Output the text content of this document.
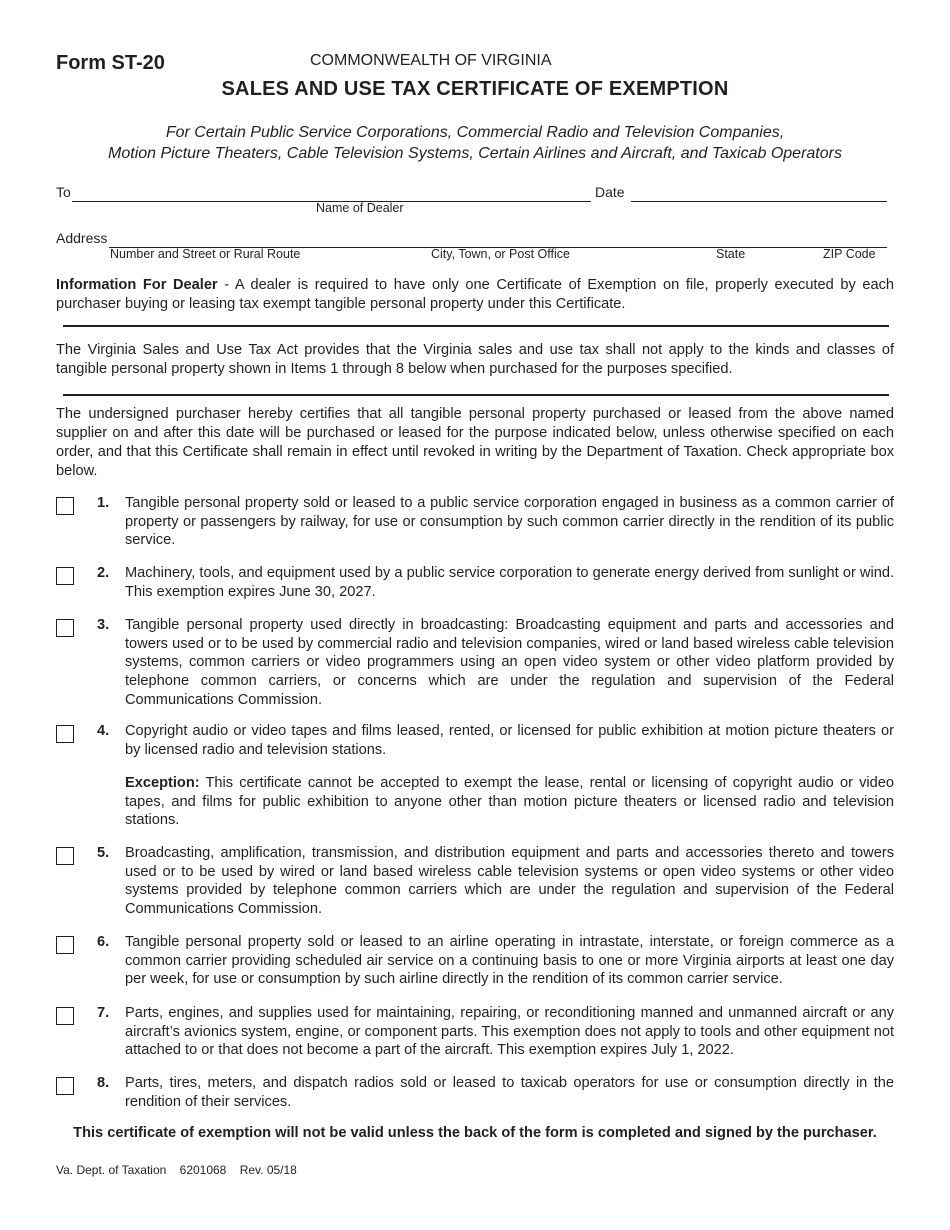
Form ST-20	COMMONWEALTH OF VIRGINIA
SALES AND USE TAX CERTIFICATE OF EXEMPTION
For Certain Public Service Corporations, Commercial Radio and Television Companies,
Motion Picture Theaters, Cable Television Systems, Certain Airlines and Aircraft, and Taxicab Operators
To
Name of Dealer
Date
Address
Number and Street or Rural Route	City, Town, or Post Office	State	ZIP Code
Information For Dealer - A dealer is required to have only one Certificate of Exemption on file, properly executed by each purchaser buying or leasing tax exempt tangible personal property under this Certificate.
The Virginia Sales and Use Tax Act provides that the Virginia sales and use tax shall not apply to the kinds and classes of tangible personal property shown in Items 1 through 8 below when purchased for the purposes specified.
The undersigned purchaser hereby certifies that all tangible personal property purchased or leased from the above named supplier on and after this date will be purchased or leased for the purpose indicated below, unless otherwise specified on each order, and that this Certificate shall remain in effect until revoked in writing by the Department of Taxation. Check appropriate box below.
1. Tangible personal property sold or leased to a public service corporation engaged in business as a common carrier of property or passengers by railway, for use or consumption by such common carrier directly in the rendition of its public service.
2. Machinery, tools, and equipment used by a public service corporation to generate energy derived from sunlight or wind. This exemption expires June 30, 2027.
3. Tangible personal property used directly in broadcasting: Broadcasting equipment and parts and accessories and towers used or to be used by commercial radio and television companies, wired or land based wireless cable television systems, common carriers or video programmers using an open video system or other video platform provided by telephone common carriers, or concerns which are under the regulation and supervision of the Federal Communications Commission.
4. Copyright audio or video tapes and films leased, rented, or licensed for public exhibition at motion picture theaters or by licensed radio and television stations.
Exception: This certificate cannot be accepted to exempt the lease, rental or licensing of copyright audio or video tapes, and films for public exhibition to anyone other than motion picture theaters or licensed radio and television stations.
5. Broadcasting, amplification, transmission, and distribution equipment and parts and accessories thereto and towers used or to be used by wired or land based wireless cable television systems or open video systems or other video systems provided by telephone common carriers which are under the regulation and supervision of the Federal Communications Commission.
6. Tangible personal property sold or leased to an airline operating in intrastate, interstate, or foreign commerce as a common carrier providing scheduled air service on a continuing basis to one or more Virginia airports at least one day per week, for use or consumption by such airline directly in the rendition of its common carrier service.
7. Parts, engines, and supplies used for maintaining, repairing, or reconditioning manned and unmanned aircraft or any aircraft’s avionics system, engine, or component parts. This exemption does not apply to tools and other equipment not attached to or that does not become a part of the aircraft. This exemption expires July 1, 2022.
8. Parts, tires, meters, and dispatch radios sold or leased to taxicab operators for use or consumption directly in the rendition of their services.
This certificate of exemption will not be valid unless the back of the form is completed and signed by the purchaser.
Va. Dept. of Taxation 6201068 Rev. 05/18
